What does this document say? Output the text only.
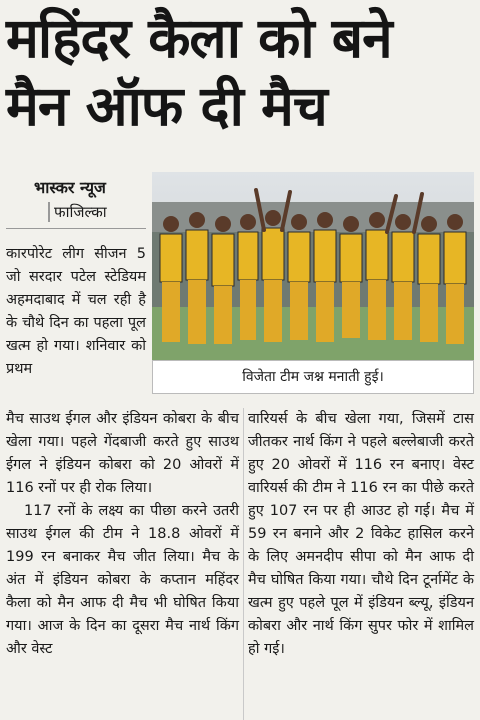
महिंदर कैला को बने
मैन ऑफ दी मैच
भास्कर न्यूज
फाजिल्का
विजेता टीम जश्न मनाती हुई।

कारपोरेट लीग सीजन 5 जो सरदार पटेल स्टेडियम अहमदाबाद में चल रही है के चौथे दिन का पहला पूल खत्म हो गया। शनिवार को प्रथम

मैच साउथ ईगल और इंडियन कोबरा के बीच खेला गया। पहले गेंदबाजी करते हुए साउथ ईगल ने इंडियन कोबरा को 20 ओवरों में 116 रनों पर ही रोक लिया।

117 रनों के लक्ष्य का पीछा करने उतरी साउथ ईगल की टीम ने 18.8 ओवरों में 199 रन बनाकर मैच जीत लिया। मैच के अंत में इंडियन कोबरा के कप्तान महिंदर कैला को मैन आफ दी मैच भी घोषित किया गया। आज के दिन का दूसरा मैच नार्थ किंग और वेस्ट

वारियर्स के बीच खेला गया, जिसमें टास जीतकर नार्थ किंग ने पहले बल्लेबाजी करते हुए 20 ओवरों में 116 रन बनाए। वेस्ट वारियर्स की टीम ने 116 रन का पीछे करते हुए 107 रन पर ही आउट हो गई। मैच में 59 रन बनाने और 2 विकेट हासिल करने के लिए अमनदीप सीपा को मैन आफ दी मैच घोषित किया गया। चौथे दिन टूर्नामेंट के खत्म हुए पहले पूल में इंडियन ब्ल्यू, इंडियन कोबरा और नार्थ किंग सुपर फोर में शामिल हो गई।
